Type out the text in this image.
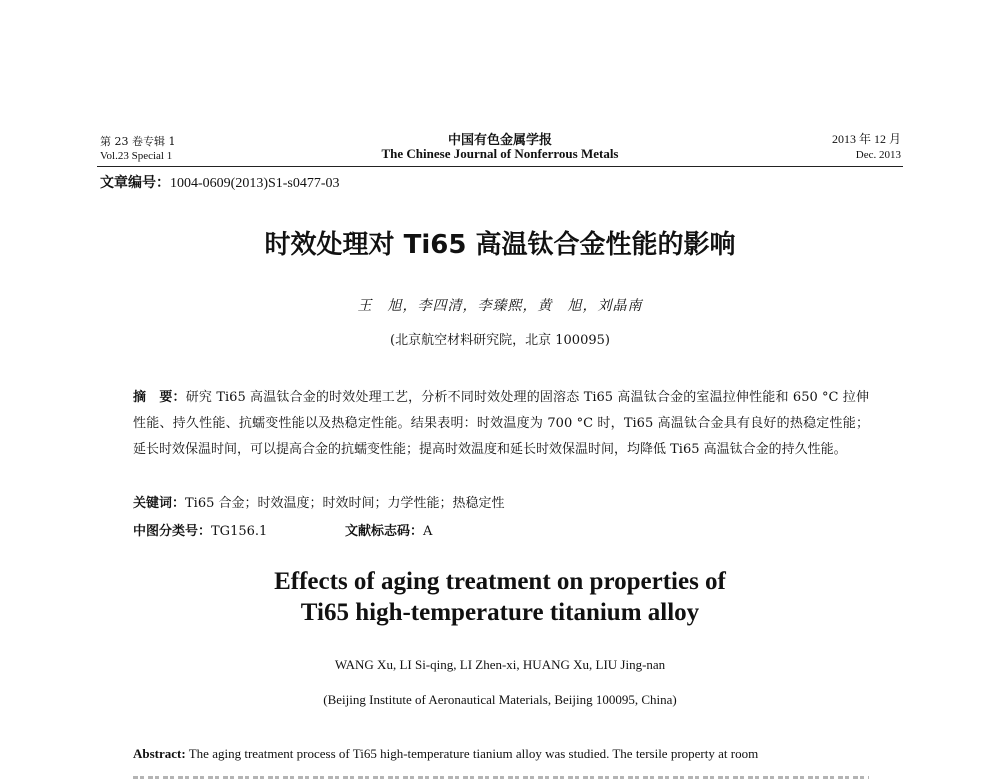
第 23 卷专辑 1
Vol.23 Special 1
中国有色金属学报
The Chinese Journal of Nonferrous Metals
2013 年 12 月
Dec. 2013
文章编号：1004-0609(2013)S1-s0477-03
时效处理对 Ti65 高温钛合金性能的影响
王　旭，李四清，李臻熙，黄　旭，刘晶南
(北京航空材料研究院，北京 100095)
摘　要：研究 Ti65 高温钛合金的时效处理工艺，分析不同时效处理的固溶态 Ti65 高温钛合金的室温拉伸性能和 650 °C 拉伸性能、持久性能、抗蠕变性能以及热稳定性能。结果表明：时效温度为 700 °C 时，Ti65 高温钛合金具有良好的热稳定性能；延长时效保温时间，可以提高合金的抗蠕变性能；提高时效温度和延长时效保温时间，均降低 Ti65 高温钛合金的持久性能。
关键词：Ti65 合金；时效温度；时效时间；力学性能；热稳定性
中图分类号：TG156.1	文献标志码：A
Effects of aging treatment on properties of
Ti65 high-temperature titanium alloy
WANG Xu, LI Si-qing, LI Zhen-xi, HUANG Xu, LIU Jing-nan
(Beijing Institute of Aeronautical Materials, Beijing 100095, China)
Abstract: The aging treatment process of Ti65 high-temperature tianium alloy was studied. The tersile property at room
